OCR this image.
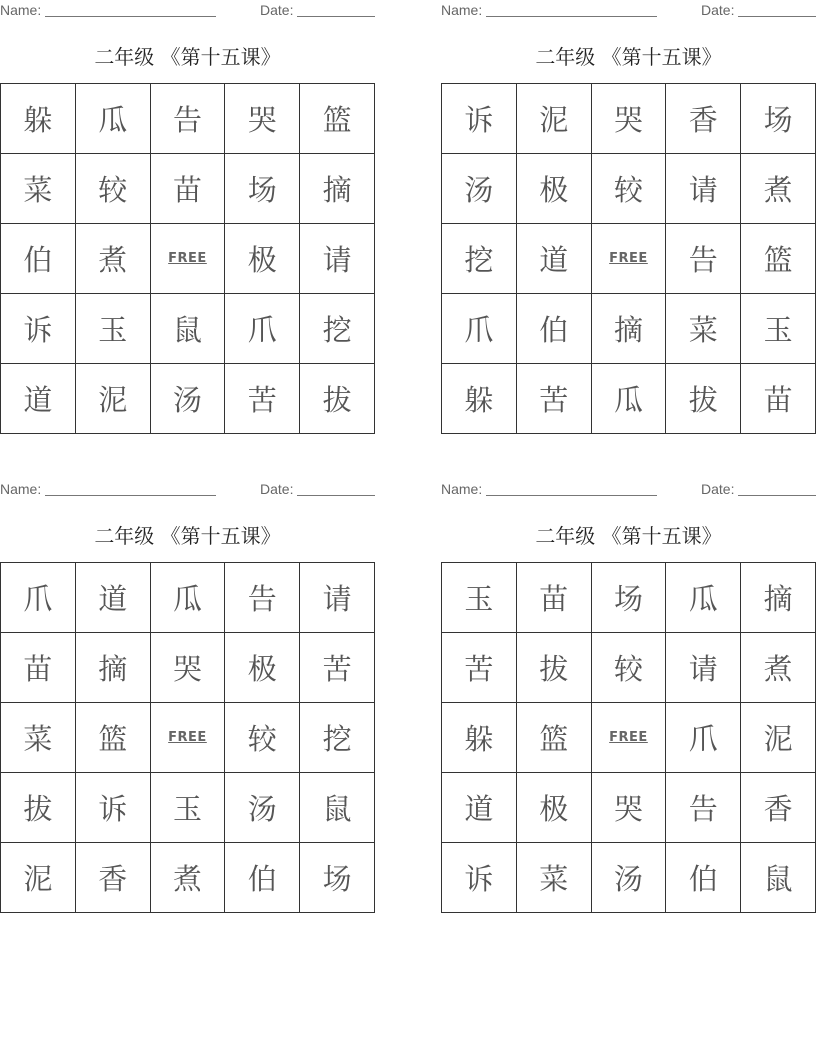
Name:	Date:
二年级 《第十五课》
躲	瓜	告	哭	篮
菜	较	苗	场	摘
伯	煮	FREE	极	请
诉	玉	鼠	爪	挖
道	泥	汤	苦	拔
Name:	Date:
二年级 《第十五课》
诉	泥	哭	香	场
汤	极	较	请	煮
挖	道	FREE	告	篮
爪	伯	摘	菜	玉
躲	苦	瓜	拔	苗
Name:	Date:
二年级 《第十五课》
爪	道	瓜	告	请
苗	摘	哭	极	苦
菜	篮	FREE	较	挖
拔	诉	玉	汤	鼠
泥	香	煮	伯	场
Name:	Date:
二年级 《第十五课》
玉	苗	场	瓜	摘
苦	拔	较	请	煮
躲	篮	FREE	爪	泥
道	极	哭	告	香
诉	菜	汤	伯	鼠
